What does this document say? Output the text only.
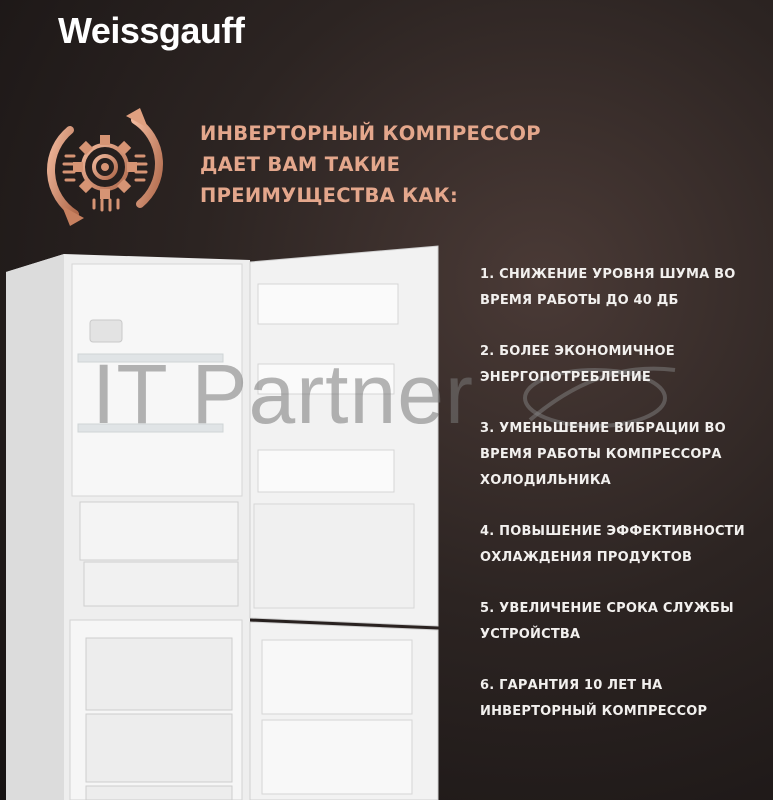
Weissgauff
ИНВЕРТОРНЫЙ КОМПРЕССОР
ДАЕТ ВАМ ТАКИЕ
ПРЕИМУЩЕСТВА КАК:
IT Partner
1. СНИЖЕНИЕ УРОВНЯ ШУМА ВО
ВРЕМЯ РАБОТЫ ДО 40 ДБ
2. БОЛЕЕ ЭКОНОМИЧНОЕ
ЭНЕРГОПОТРЕБЛЕНИЕ
3. УМЕНЬШЕНИЕ ВИБРАЦИИ ВО
ВРЕМЯ РАБОТЫ КОМПРЕССОРА
ХОЛОДИЛЬНИКА
4. ПОВЫШЕНИЕ ЭФФЕКТИВНОСТИ
ОХЛАЖДЕНИЯ ПРОДУКТОВ
5. УВЕЛИЧЕНИЕ СРОКА СЛУЖБЫ
УСТРОЙСТВА
6. ГАРАНТИЯ 10 ЛЕТ НА
ИНВЕРТОРНЫЙ КОМПРЕССОР
